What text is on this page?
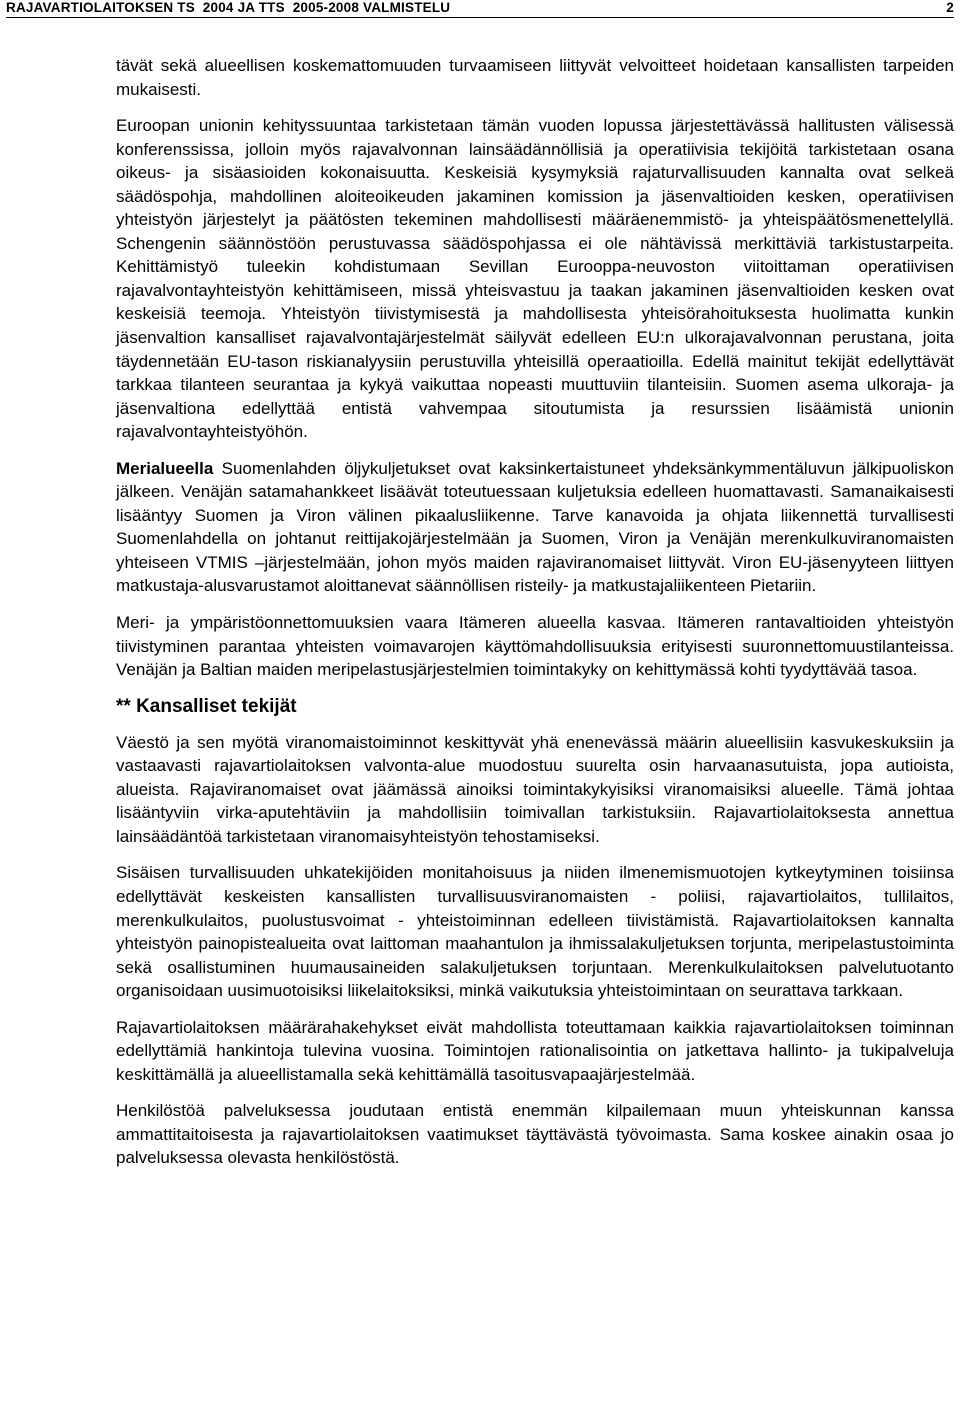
RAJAVARTIOLAITOKSEN TS  2004 JA TTS  2005-2008 VALMISTELU	2

tävät sekä alueellisen koskemattomuuden turvaamiseen liittyvät velvoitteet hoidetaan kansallisten tarpeiden mukaisesti.

Euroopan unionin kehityssuuntaa tarkistetaan tämän vuoden lopussa järjestettävässä hallitusten välisessä konferenssissa, jolloin myös rajavalvonnan lainsäädännöllisiä ja operatiivisia tekijöitä tarkistetaan osana oikeus- ja sisäasioiden kokonaisuutta. Keskeisiä kysymyksiä rajaturvallisuuden kannalta ovat selkeä säädöspohja, mahdollinen aloiteoikeuden jakaminen komission ja jäsenvaltioiden kesken, operatiivisen yhteistyön järjestelyt ja päätösten tekeminen mahdollisesti määräenemmistö- ja yhteispäätösmenettelyllä. Schengenin säännöstöön perustuvassa säädöspohjassa ei ole nähtävissä merkittäviä tarkistustarpeita. Kehittämistyö tuleekin kohdistumaan Sevillan Eurooppa-neuvoston viitoittaman operatiivisen rajavalvontayhteistyön kehittämiseen, missä yhteisvastuu ja taakan jakaminen jäsenvaltioiden kesken ovat keskeisiä teemoja. Yhteistyön tiivistymisestä ja mahdollisesta yhteisörahoituksesta huolimatta kunkin jäsenvaltion kansalliset rajavalvontajärjestelmät säilyvät edelleen EU:n ulkorajavalvonnan perustana, joita täydennetään EU-tason riskianalyysiin perustuvilla yhteisillä operaatioilla. Edellä mainitut tekijät edellyttävät tarkkaa tilanteen seurantaa ja kykyä vaikuttaa nopeasti muuttuviin tilanteisiin. Suomen asema ulkoraja- ja jäsenvaltiona edellyttää entistä vahvempaa sitoutumista ja resurssien lisäämistä unionin rajavalvontayhteistyöhön.

Merialueella Suomenlahden öljykuljetukset ovat kaksinkertaistuneet yhdeksänkymmentäluvun jälkipuoliskon jälkeen. Venäjän satamahankkeet lisäävät toteutuessaan kuljetuksia edelleen huomattavasti. Samanaikaisesti lisääntyy Suomen ja Viron välinen pikaalusliikenne. Tarve kanavoida ja ohjata liikennettä turvallisesti Suomenlahdella on johtanut reittijakojärjestelmään ja Suomen, Viron ja Venäjän merenkulkuviranomaisten yhteiseen VTMIS –järjestelmään, johon myös maiden rajaviranomaiset liittyvät. Viron EU-jäsenyyteen liittyen matkustaja-alusvarustamot aloittanevat säännöllisen risteily- ja matkustajaliikenteen Pietariin.

Meri- ja ympäristöonnettomuuksien vaara Itämeren alueella kasvaa. Itämeren rantavaltioiden yhteistyön tiivistyminen parantaa yhteisten voimavarojen käyttömahdollisuuksia erityisesti suuronnettomuustilanteissa. Venäjän ja Baltian maiden meripelastusjärjestelmien toimintakyky on kehittymässä kohti tyydyttävää tasoa.

** Kansalliset tekijät

Väestö ja sen myötä viranomaistoiminnot keskittyvät yhä enenevässä määrin alueellisiin kasvukeskuksiin ja vastaavasti rajavartiolaitoksen valvonta-alue muodostuu suurelta osin harvaanasutuista, jopa autioista, alueista. Rajaviranomaiset ovat jäämässä ainoiksi toimintakykyisiksi viranomaisiksi alueelle. Tämä johtaa lisääntyviin virka-aputehtäviin ja mahdollisiin toimivallan tarkistuksiin. Rajavartiolaitoksesta annettua lainsäädäntöä tarkistetaan viranomaisyhteistyön tehostamiseksi.

Sisäisen turvallisuuden uhkatekijöiden monitahoisuus ja niiden ilmenemismuotojen kytkeytyminen toisiinsa edellyttävät keskeisten kansallisten turvallisuusviranomaisten - poliisi, rajavartiolaitos, tullilaitos, merenkulkulaitos, puolustusvoimat - yhteistoiminnan edelleen tiivistämistä. Rajavartiolaitoksen kannalta yhteistyön painopistealueita ovat laittoman maahantulon ja ihmissalakuljetuksen torjunta, meripelastustoiminta sekä osallistuminen huumausaineiden salakuljetuksen torjuntaan. Merenkulkulaitoksen palvelutuotanto organisoidaan uusimuotoisiksi liikelaitoksiksi, minkä vaikutuksia yhteistoimintaan on seurattava tarkkaan.

Rajavartiolaitoksen määrärahakehykset eivät mahdollista toteuttamaan kaikkia rajavartiolaitoksen toiminnan edellyttämiä hankintoja tulevina vuosina. Toimintojen rationalisointia on jatkettava hallinto- ja tukipalveluja keskittämällä ja alueellistamalla sekä kehittämällä tasoitusvapaajärjestelmää.

Henkilöstöä palveluksessa joudutaan entistä enemmän kilpailemaan muun yhteiskunnan kanssa ammattitaitoisesta ja rajavartiolaitoksen vaatimukset täyttävästä työvoimasta. Sama koskee ainakin osaa jo palveluksessa olevasta henkilöstöstä.
